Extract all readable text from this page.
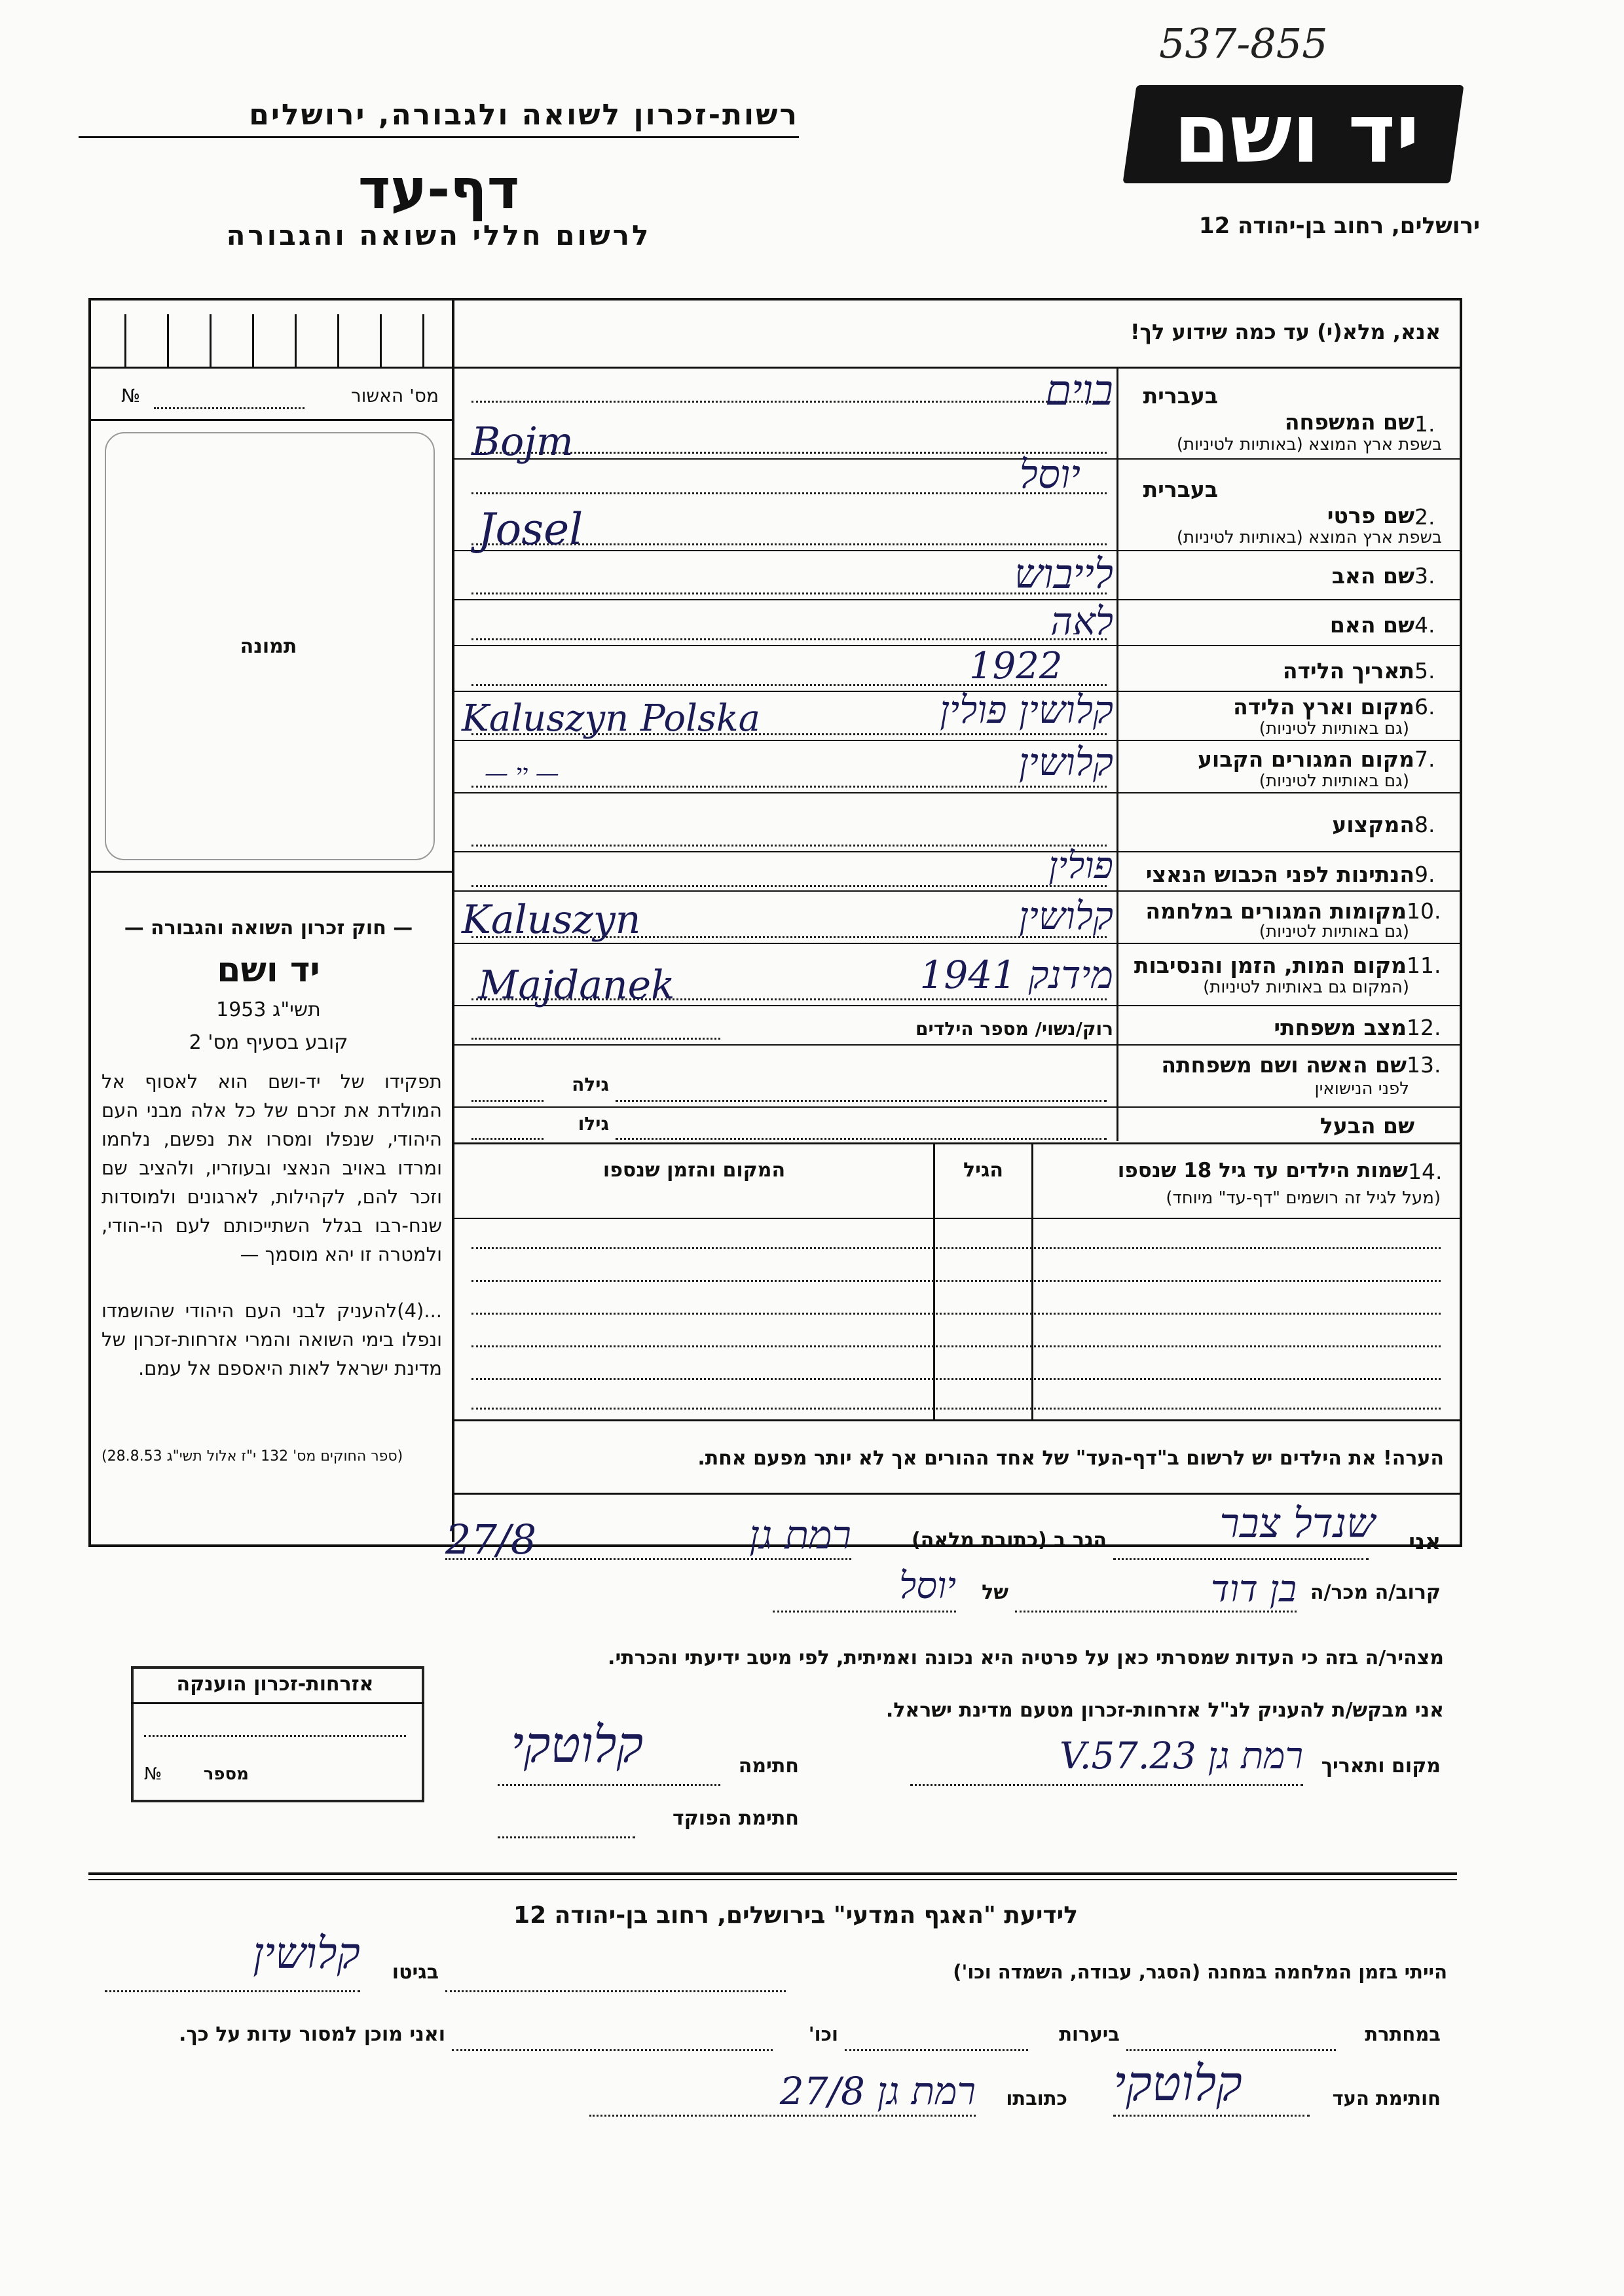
537-855
רשות-זכרון לשואה ולגבורה, ירושלים
דף-עד
לרשום חללי השואה והגבורה
יד ושם
ירושלים, רחוב בן-יהודה 12
אנא, מלא(י) עד כמה שידוע לך!
№	מס' האשור
תמונה
— חוק זכרון השואה והגבורה —
יד ושם
תשי"ג 1953
קובע בסעיף מס' 2
תפקידו של יד-ושם הוא לאסוף אל המולדת את זכרם של כל אלה מבני העם היהודי, שנפלו ומסרו את נפשם, נלחמו ומרדו באויב הנאצי ובעוזריו, ולהציב שם וזכר להם, לקהילות, לארגונים ולמוסדות שנח-רבו בגלל השתייכותם לעם הי-הודי, ולמטרה זו יהא מוסמך —
...(4)להעניק לבני העם היהודי שהושמדו ונפלו בימי השואה והמרי אזרחות-זכרון של מדינת ישראל לאות היאספם אל עמם.
(ספר החוקים מס' 132 י"ז אלול תשי"ג 28.8.53)
בעברית
1.
שם המשפחה
בשפת ארץ המוצא (באותיות לטיניות)
בוים
Bojm
בעברית
2.
שם פרטי
בשפת ארץ המוצא (באותיות לטיניות)
יוסל
Josel
3.
שם האב
לייבוש
4.
שם האם
לאה
5.
תאריך הלידה
1922
6.
מקום וארץ הלידה
(גם באותיות לטיניות)
קלושין פולין
Kaluszyn Polska
7.
מקום המגורים הקבוע
(גם באותיות לטיניות)
קלושין
— יי —
8.
המקצוע
9.
הנתינות לפני הכבוש הנאצי
פולין
10.
מקומות המגורים במלחמה
(גם באותיות לטיניות)
קלושין
Kaluszyn
11.
מקום המות, הזמן והנסיבות
(המקום גם באותיות לטיניות)
מידנק 1941
Majdanek
12.
מצב משפחתי
רוק/נשוי/ מספר הילדים
13.
שם האשה ושם משפחתה
לפני הנישואין
גילה
שם הבעל
גילו
14.
שמות הילדים עד גיל 18 שנספו
(מעל לגיל זה רושמים "דף-עד" מיוחד)
הגיל
המקום והזמן שנספו
הערה! את הילדים יש לרשום ב"דף-העד" של אחד ההורים אך לא יותר מפעם אחת.
אני
שנדל צבר
הגר ב (כתובת מלאה)
רמת גן
27/8
קרוב/ה מכר/ה
בן דוד
של
יוסל
מצהיר/ה בזה כי העדות שמסרתי כאן על פרטיה היא נכונה ואמיתית, לפי מיטב ידיעתי והכרתי.
אזרחות-זכרון הוענקה
מספר
№
אני מבקש/ת להעניק לנ"ל אזרחות-זכרון מטעם מדינת ישראל.
מקום ותאריך
רמת גן 23.V.57
חתימה
קלוטקי
חתימת הפוקד
לידיעת "האגף המדעי" בירושלים, רחוב בן-יהודה 12
הייתי בזמן המלחמה במחנה (הסגר, עבודה, השמדה וכו')
בגיטו
קלושין
במחתרת
ביערות
וכו'
ואני מוכן למסור עדות על כך.
חותימת העד
קלוטקי
כתובתו
רמת גן 27/8
